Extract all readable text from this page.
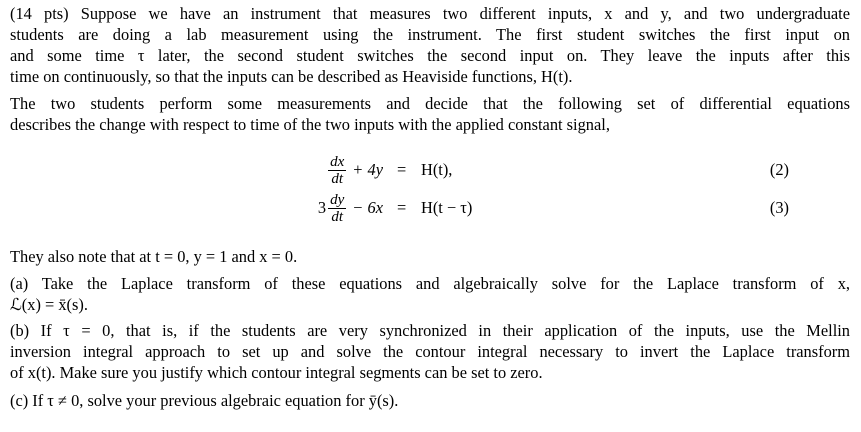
(14 pts) Suppose we have an instrument that measures two different inputs, x and y, and two undergraduate
students are doing a lab measurement using the instrument. The first student switches the first input on
and some time τ later, the second student switches the second input on. They leave the inputs after this
time on continuously, so that the inputs can be described as Heaviside functions, H(t).

The two students perform some measurements and decide that the following set of differential equations
describes the change with respect to time of the two inputs with the applied constant signal,

$\frac{dx}{dt} + 4y = H(t)$,	(2)
$3 \frac{dy}{dt} - 6x = H(t - \tau)$	(3)

They also note that at t = 0, y = 1 and x = 0.

(a) Take the Laplace transform of these equations and algebraically solve for the Laplace transform of x,
ℒ(x) = x̄(s).

(b) If τ = 0, that is, if the students are very synchronized in their application of the inputs, use the Mellin
inversion integral approach to set up and solve the contour integral necessary to invert the Laplace transform
of x(t). Make sure you justify which contour integral segments can be set to zero.

(c) If τ ≠ 0, solve your previous algebraic equation for ȳ(s).
